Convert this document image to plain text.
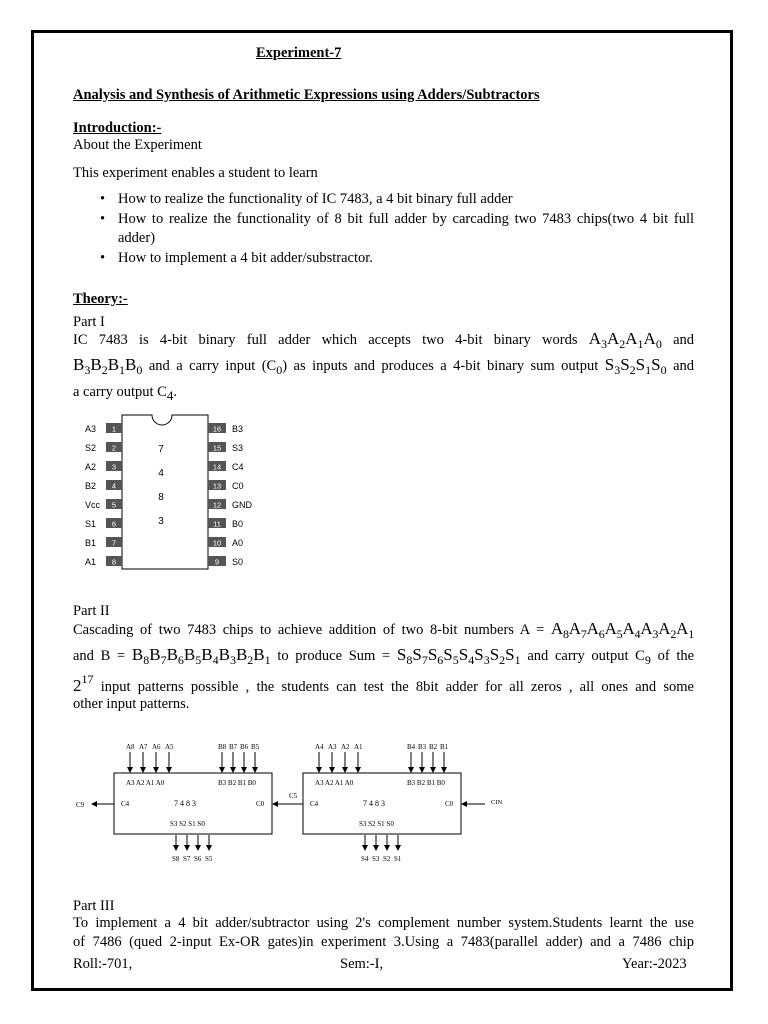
Experiment-7
Analysis and Synthesis of Arithmetic Expressions using Adders/Subtractors
Introduction:-
About the Experiment
This experiment enables a student to learn
• How to realize the functionality of IC 7483, a 4 bit binary full adder
• How to realize the functionality of 8 bit full adder by carcading two 7483 chips(two 4 bit full adder)
• How to implement a 4 bit adder/substractor.
Theory:-
Part I
IC 7483 is 4-bit binary full adder which accepts two 4-bit binary words $A_3A_2A_1A_0$ and
$B_3B_2B_1B_0$ and a carry input $(C_0)$ as inputs and produces a 4-bit binary sum output $S_3S_2S_1S_0$ and
a carry output $C_4$.
A3 1
S2 2
A2 3
B2 4
Vcc 5
S1 6
B1 7
A1 8
16 B3
15 S3
14 C4
13 C0
12 GND
11 B0
10 A0
9 S0
7
4
8
3
Part II
Cascading of two 7483 chips to achieve addition of two 8-bit numbers $A = A_8A_7A_6A_5A_4A_3A_2A_1$
and $B = B_8B_7B_6B_5B_4B_3B_2B_1$ to produce Sum = $S_8S_7S_6S_5S_4S_3S_2S_1$ and carry output $C_9$ of the
$2^{17}$ input patterns possible , the students can test the 8bit adder for all zeros , all ones and some
other input patterns.
A3 A2 A1 A0	B3 B2 B1 B0
7483
C4	C0
S3 S2 S1 S0
A8 A7 A6 A5	B8 B7 B6 B5
S8 S7 S6 S5
A3 A2 A1 A0	B3 B2 B1 B0
7483
C4	C0
S3 S2 S1 S0
A4 A3 A2 A1	B4 B3 B2 B1
S4 S3 S2 S1
C9
C5
CIN
Part III
To implement a 4 bit adder/subtractor using 2's complement number system.Students learnt the use
of 7486 (qued 2-input Ex-OR gates)in experiment 3.Using a 7483(parallel adder) and a 7486 chip
Roll:-701,	Sem:-I,	Year:-2023
